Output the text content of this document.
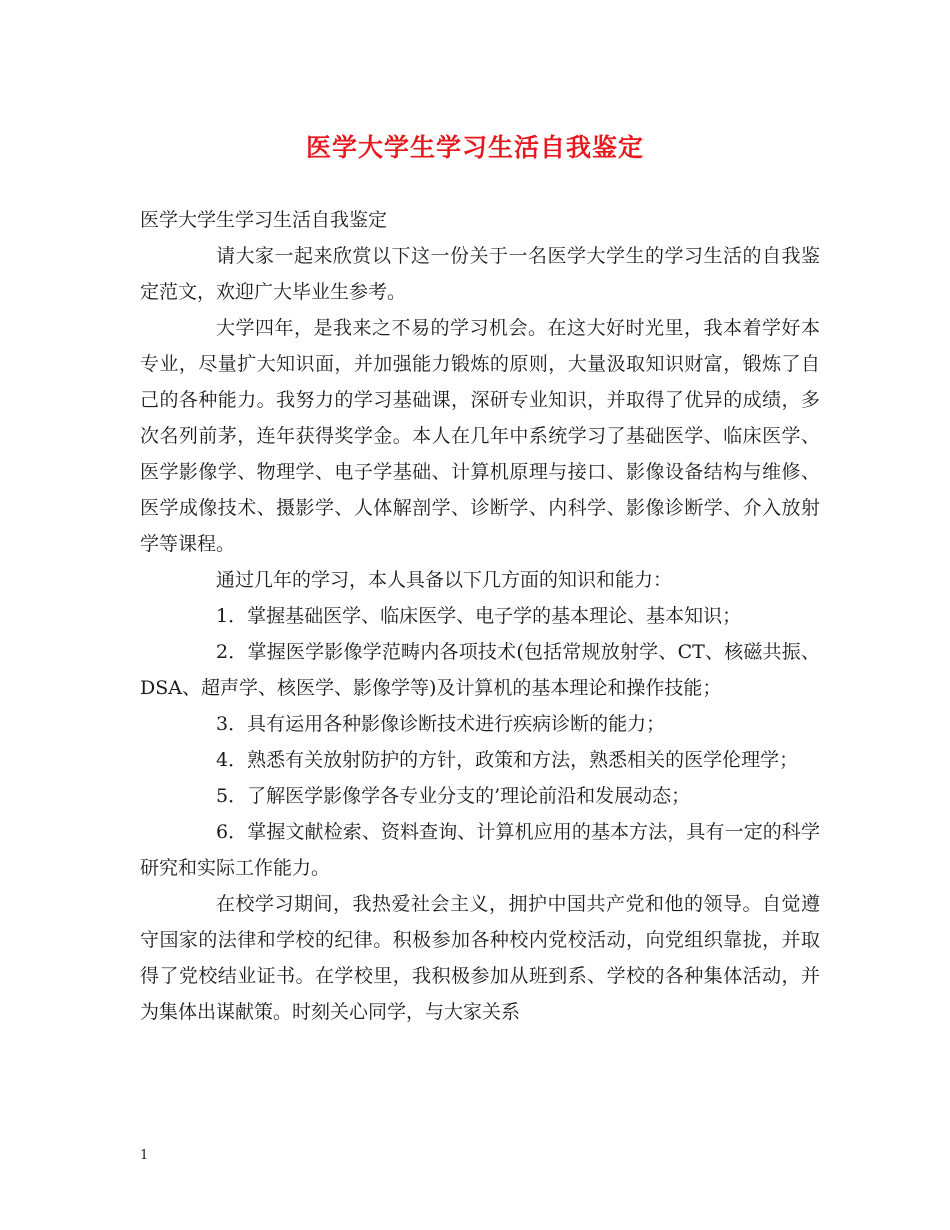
医学大学生学习生活自我鉴定

医学大学生学习生活自我鉴定

请大家一起来欣赏以下这一份关于一名医学大学生的学习生活的自我鉴定范文，欢迎广大毕业生参考。

大学四年，是我来之不易的学习机会。在这大好时光里，我本着学好本专业，尽量扩大知识面，并加强能力锻炼的原则，大量汲取知识财富，锻炼了自己的各种能力。我努力的学习基础课，深研专业知识，并取得了优异的成绩，多次名列前茅，连年获得奖学金。本人在几年中系统学习了基础医学、临床医学、医学影像学、物理学、电子学基础、计算机原理与接口、影像设备结构与维修、医学成像技术、摄影学、人体解剖学、诊断学、内科学、影像诊断学、介入放射学等课程。

通过几年的学习，本人具备以下几方面的知识和能力：

1．掌握基础医学、临床医学、电子学的基本理论、基本知识；

2．掌握医学影像学范畴内各项技术(包括常规放射学、CT、核磁共振、DSA、超声学、核医学、影像学等)及计算机的基本理论和操作技能；

3．具有运用各种影像诊断技术进行疾病诊断的能力；

4．熟悉有关放射防护的方针，政策和方法，熟悉相关的医学伦理学；

5．了解医学影像学各专业分支的’理论前沿和发展动态；

6．掌握文献检索、资料查询、计算机应用的基本方法，具有一定的科学研究和实际工作能力。

在校学习期间，我热爱社会主义，拥护中国共产党和他的领导。自觉遵守国家的法律和学校的纪律。积极参加各种校内党校活动，向党组织靠拢，并取得了党校结业证书。在学校里，我积极参加从班到系、学校的各种集体活动，并为集体出谋献策。时刻关心同学，与大家关系

1
